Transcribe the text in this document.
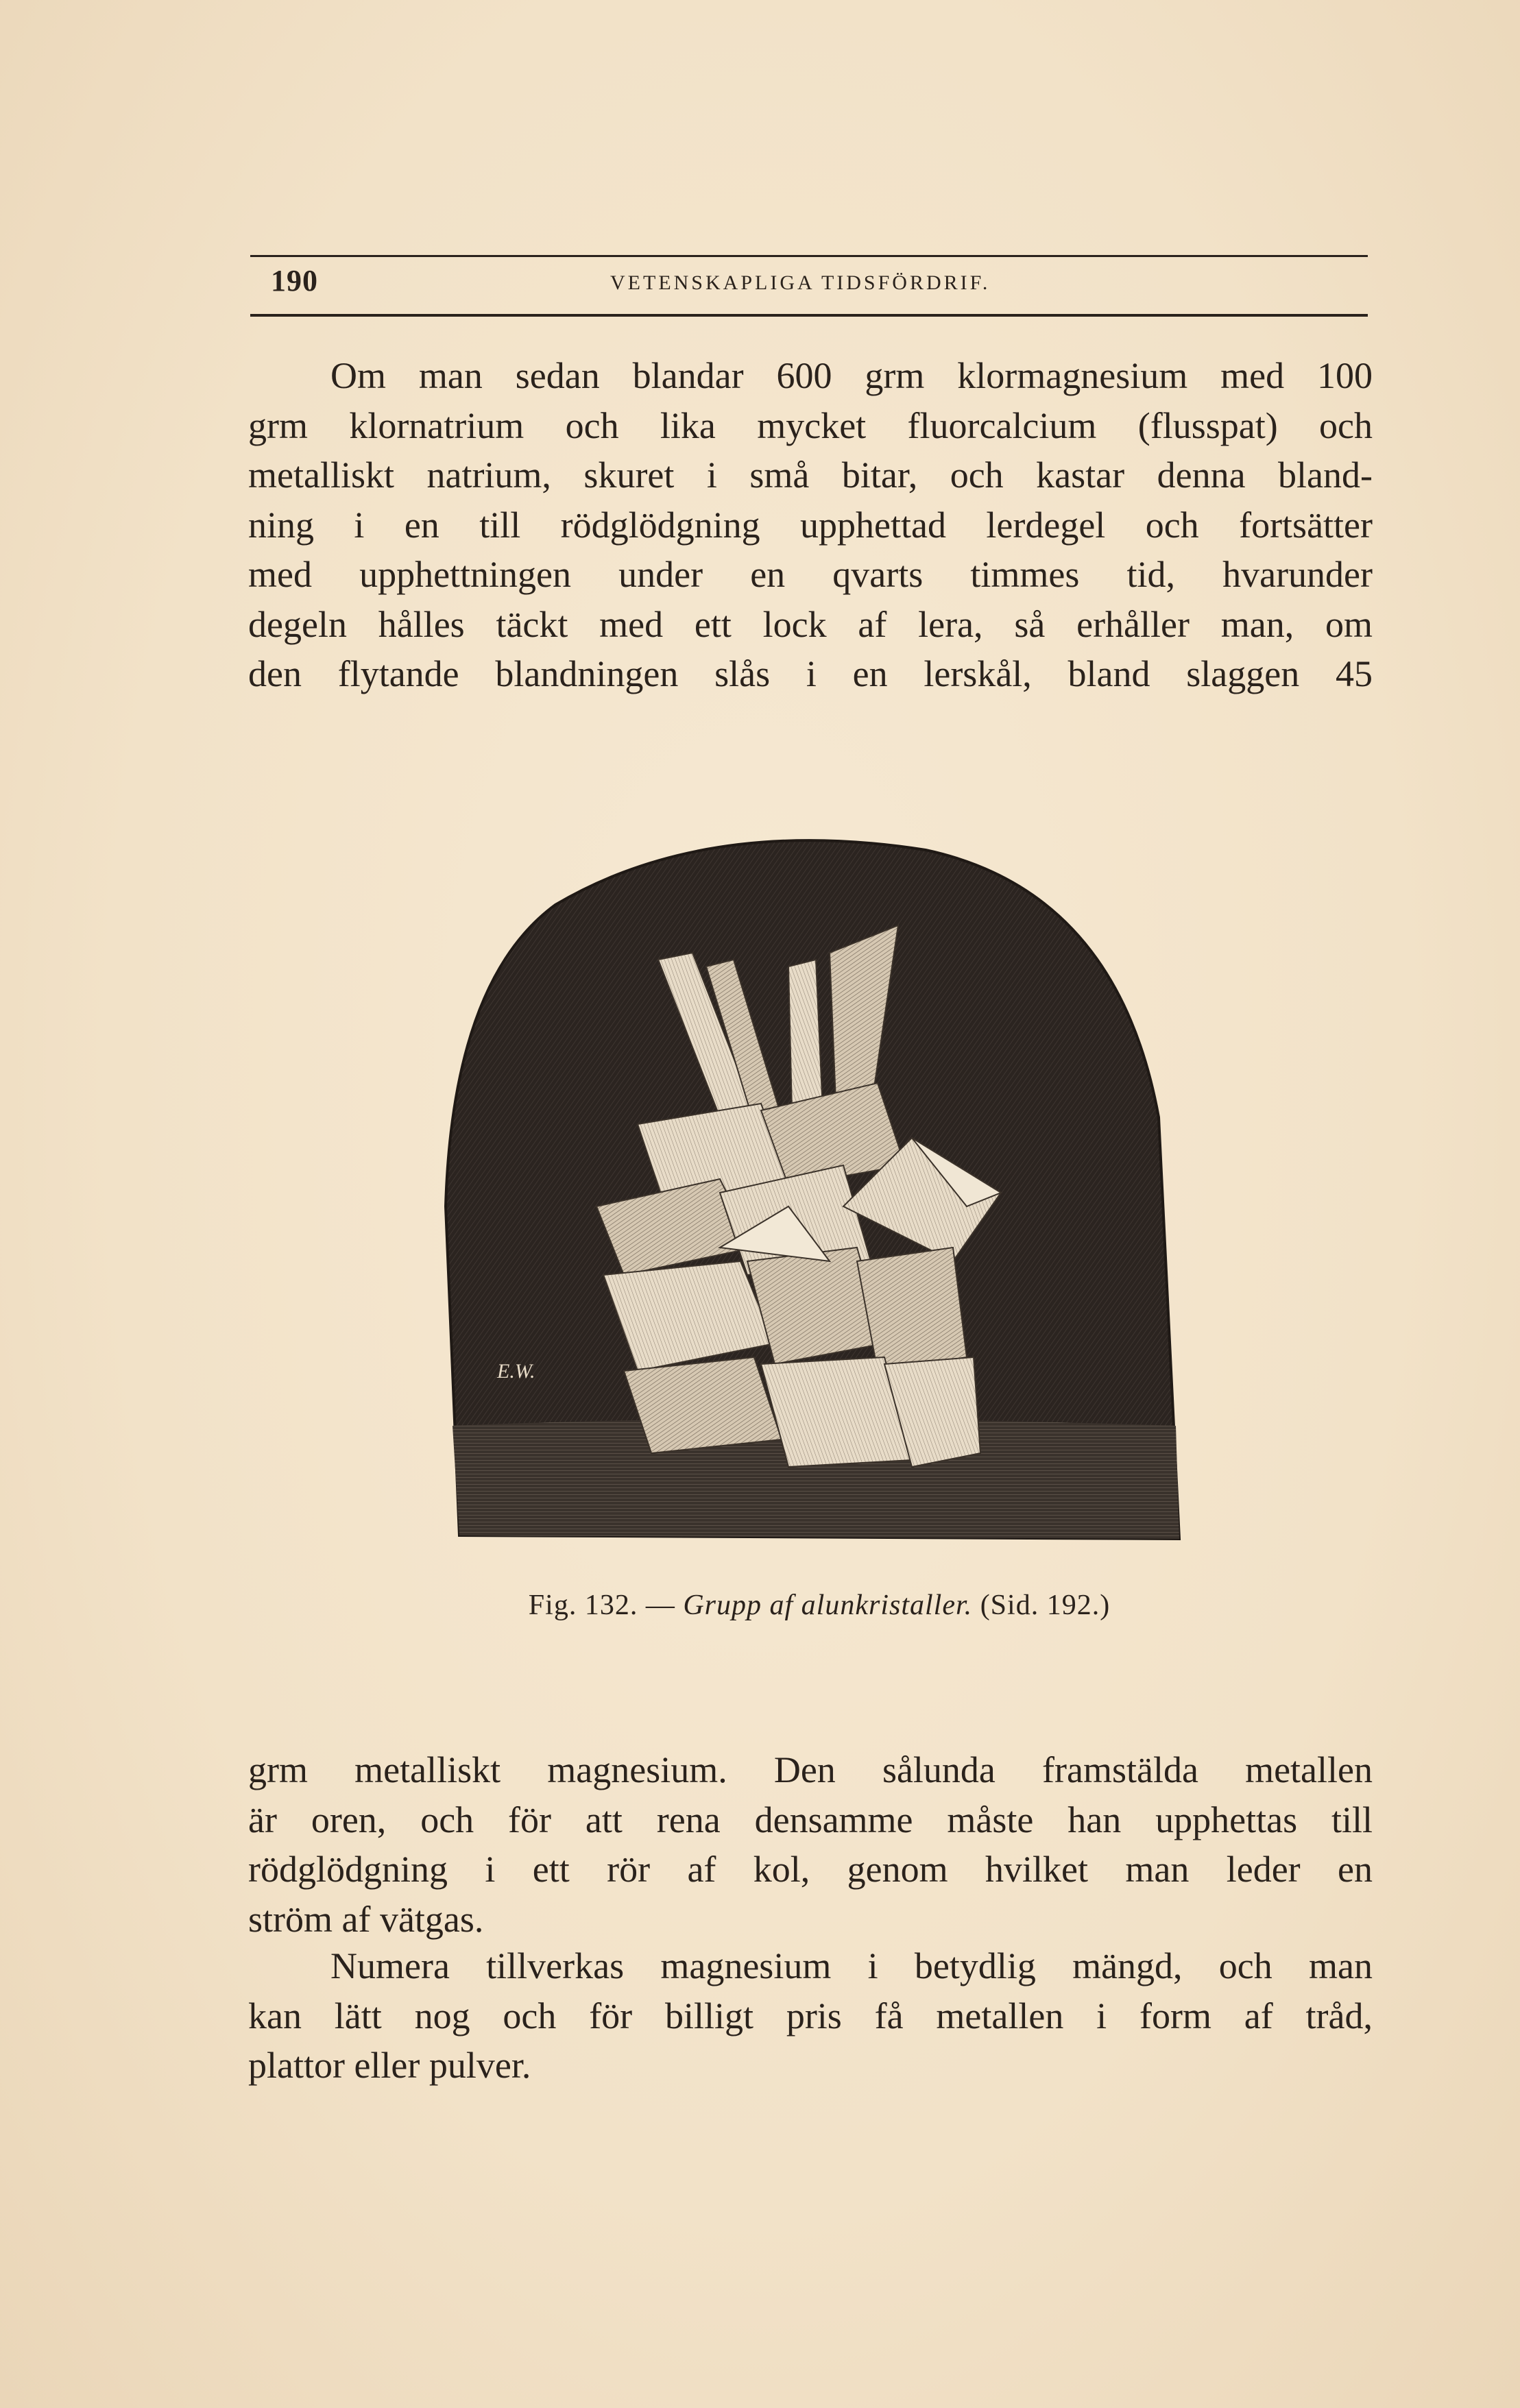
190	VETENSKAPLIGA TIDSFÖRDRIF.
Om man sedan blandar 600 grm klormagnesium med 100
grm klornatrium och lika mycket fluorcalcium (flusspat) och
metalliskt natrium, skuret i små bitar, och kastar denna bland-
ning i en till rödglödgning upphettad lerdegel och fortsätter
med upphettningen under en qvarts timmes tid, hvarunder
degeln hålles täckt med ett lock af lera, så erhåller man, om
den flytande blandningen slås i en lerskål, bland slaggen 45
E.W.
Fig. 132. — Grupp af alunkristaller. (Sid. 192.)
grm metalliskt magnesium. Den sålunda framstälda metallen
är oren, och för att rena densamme måste han upphettas till
rödglödgning i ett rör af kol, genom hvilket man leder en
ström af vätgas.
Numera tillverkas magnesium i betydlig mängd, och man
kan lätt nog och för billigt pris få metallen i form af tråd,
plattor eller pulver.
